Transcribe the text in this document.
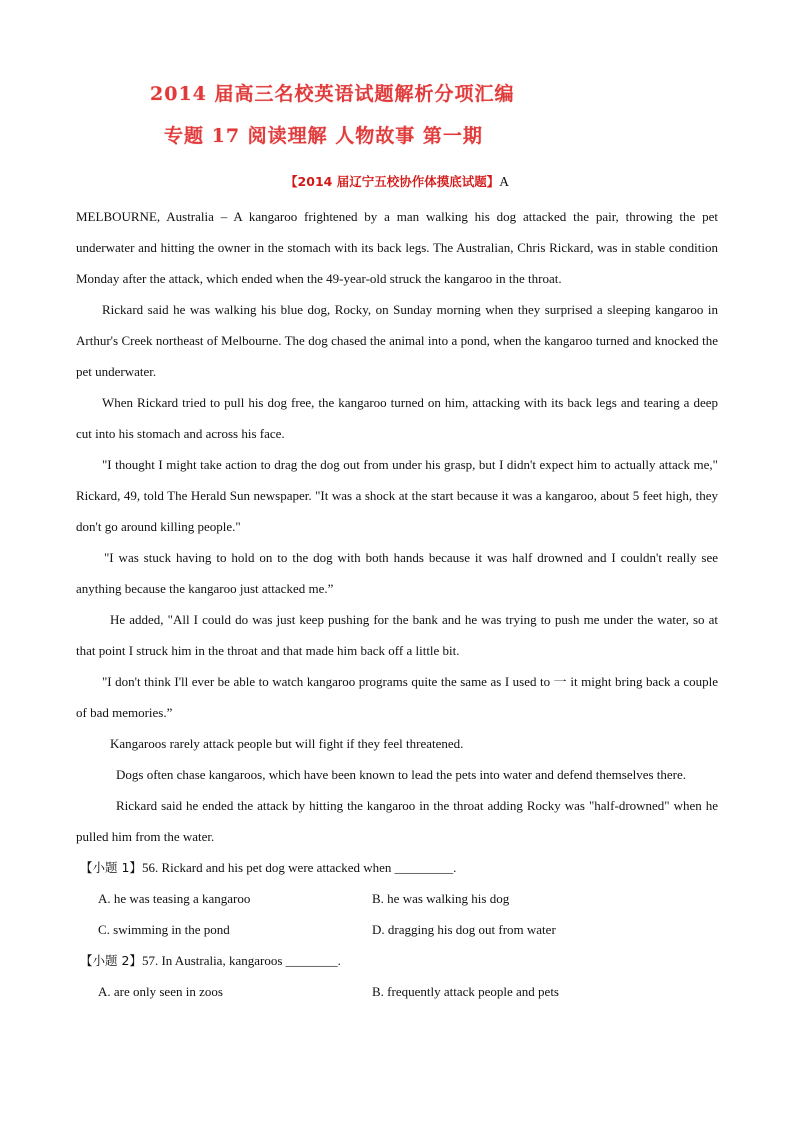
2014 届高三名校英语试题解析分项汇编
专题 17 阅读理解 人物故事 第一期
【2014 届辽宁五校协作体摸底试题】A
MELBOURNE, Australia – A kangaroo frightened by a man walking his dog attacked the pair, throwing the pet underwater and hitting the owner in the stomach with its back legs. The Australian, Chris Rickard, was in stable condition Monday after the attack, which ended when the 49-year-old struck the kangaroo in the throat.
Rickard said he was walking his blue dog, Rocky, on Sunday morning when they surprised a sleeping kangaroo in Arthur's Creek northeast of Melbourne. The dog chased the animal into a pond, when the kangaroo turned and knocked the pet underwater.
When Rickard tried to pull his dog free, the kangaroo turned on him, attacking with its back legs and tearing a deep cut into his stomach and across his face.
"I thought I might take action to drag the dog out from under his grasp, but I didn't expect him to actually attack me," Rickard, 49, told The Herald Sun newspaper. "It was a shock at the start because it was a kangaroo, about 5 feet high, they don't go around killing people."
"I was stuck having to hold on to the dog with both hands because it was half drowned and I couldn't really see anything because the kangaroo just attacked me.”
He added, "All I could do was just keep pushing for the bank and he was trying to push me under the water, so at that point I struck him in the throat and that made him back off a little bit.
"I don't think I'll ever be able to watch kangaroo programs quite the same as I used to 一 it might bring back a couple of bad memories.”
Kangaroos rarely attack people but will fight if they feel threatened.
Dogs often chase kangaroos, which have been known to lead the pets into water and defend themselves there.
Rickard said he ended the attack by hitting the kangaroo in the throat adding Rocky was "half-drowned" when he pulled him from the water.
【小题 1】56. Rickard and his pet dog were attacked when _________.
A. he was teasing a kangaroo	B. he was walking his dog
C. swimming in the pond	D. dragging his dog out from water
【小题 2】57. In Australia, kangaroos ________.
A. are only seen in zoos	B. frequently attack people and pets
